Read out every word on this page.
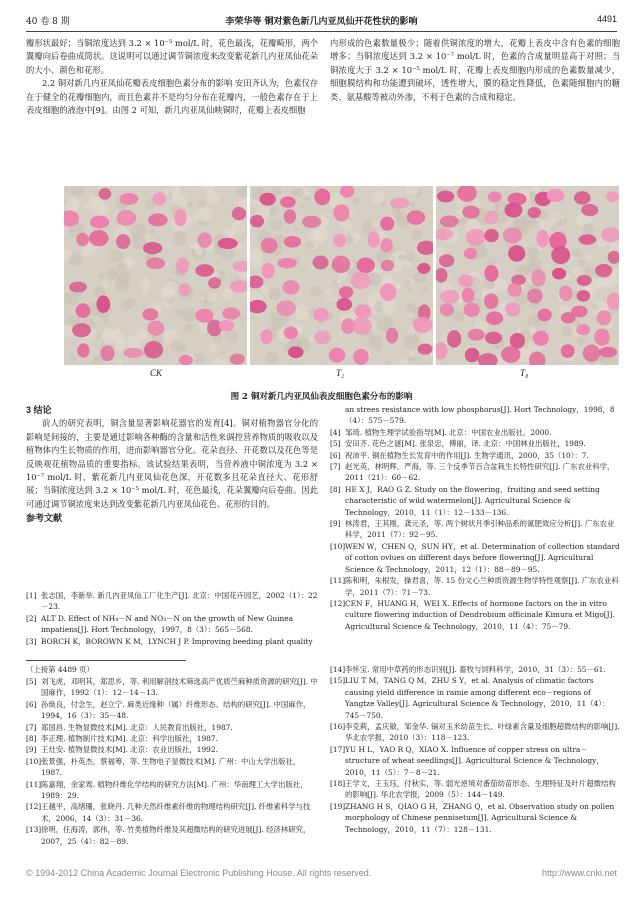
40 卷 8 期	李荣华等 铜对紫色新几内亚凤仙开花性状的影响	4491

瓣形状最好；当铜浓度达到 3.2 × 10⁻⁵ mol/L 时，花色最浅，花瓣畸形，两个翼瓣向后卷曲成筒状。这说明可以通过调节铜浓度来改变紫花新几内亚凤仙花朵的大小、颜色和花形。

2.2 铜对新几内亚凤仙花瓣表皮细胞色素分布的影响 安田齐认为，色素仅存在于健全的花瓣细胞内，而且色素并不是均匀分布在花瓣内，一般色素存在于上表皮细胞的液泡中[9]。由图 2 可知，新几内亚凤仙映铜时，花瓣上表皮细胞

内形成的色素数量极少；随着供铜浓度的增大，花瓣上表皮中含有色素的细胞增多；当铜浓度达到 3.2 × 10⁻⁷ mol/L 时，色素的合成量明显高于对照；当铜浓度大于 3.2 × 10⁻⁵ mol/L 时，花瓣上表皮细胞内形成的色素数量减少，细胞膜结构和功能遭到破坏，透性增大，膜的稳定性降低，色素随细胞内的糖类、氨基酸等被动外渗，不利于色素的合成和稳定。

CK	T₂	T₄
图 2 铜对新几内亚凤仙表皮细胞色素分布的影响

3 结论

前人的研究表明，铜含量显著影响花器官的发育[4]。铜对植物器官分化的影响是间接的，主要是通过影响各种酶的含量和活性来调控营养物质的吸收以及植物体内生长物质的作用，进而影响器官分化。花朵直径、开花数以及花色等是反映观花植物品质的重要指标。该试验结果表明，当营养液中铜浓度为 3.2 × 10⁻⁷ mol/L 时，紫花新几内亚凤仙花色深，开花数多且花朵直径大、花形舒展；当铜浓度达到 3.2 × 10⁻⁵ mol/L 时，花色最浅，花朵翼瓣向后卷曲。因此可通过调节铜浓度来达到改变紫花新几内亚凤仙花色、花形的目的。

参考文献

[1] 张志国，李新举. 新几内亚凤仙工厂化生产[J]. 北京：中国花卉园艺，2002（1）：22－23.
[2] ALT D. Effect of NH₄－N and NO₃－N on the growth of New Guinea impatiens[J]. Hort Technology，1997，8（3）：565－568.
[3] BORCH K，BOROWN K M，LYNCH J P. Improving beeding plant quality
an strees resistance with low phosphorus[J]. Hort Technology，1998，8（4）：575－579.
[4] 邹琦. 植物生理学试验指导[M]. 北京：中国农业出版社，2000.
[5] 安田齐. 花色之谜[M]. 张泉忠，傅丽，译. 北京：中国林业出版社，1989.
[6] 祝沛平. 铜在植物生长发育中的作用[J]. 生物学通讯，2000，35（10）：7.
[7] 赵光英，林明辉，严海，等. 三个反季节百合盆栽生长特性研究[J]. 广东农业科学，2011（21）：60－62.
[8] HE X J，RAO G Z. Study on the flowering，fruiting and seed setting characteristic of wild watermelon[J]. Agricultural Science & Technology，2010，11（1）：12－133－136.
[9] 林涛君，王其刚，龚元圣，等. 两个树状月季引种品系的氮肥效应分析[J]. 广东农业科学，2011（7）：92－95.
[10] WEN W，CHEN Q，SUN HY，et al. Determination of collection standard of cotton ovlues on different days before flowering[J]. Agricultural Science & Technology，2011，12（1）：88－89－95.
[11] 陈和明，朱根发，操君喜，等. 15 份文心兰种质资源生物学特性观察[J]. 广东农业科学，2011（7）：71－73.
[12] CEN F，HUANG H，WEI X. Effects of hormone factors on the in vitro culture flowering induction of Dendrobium officinale Kimura et Migo[J]. Agricultural Science & Technology，2010，11（4）：75－79.
（上接第 4489 页）
[5] 刘飞虎，邓明其，郑思乡，等. 利用解剖技术筛选高产优质苎麻种质资源的研究[J]. 中国麻作，1992（1）：12－14－13.
[6] 孙焕良，付念生，赵立宁. 麻类近缘种（属）纤维形态、结构的研究[J]. 中国麻作，1994，16（3）：35－48.
[7] 郑国昌. 生物显微技术[M]. 北京：人民教育出版社，1987.
[8] 李正理. 植物制片技术[M]. 北京：科学出版社，1987.
[9] 王灶安. 植物显微技术[M]. 北京：农业出版社，1992.
[10] 张景强，朴英杰，蔡福筹，等. 生物电子显微技术[M]. 广州：中山大学出版社，1987.
[11] 陈嘉翔，余家鸾. 植物纤维化学结构的研究方法[M]. 广州：华南理工大学出版社，1989：29.
[12] 王越平，高绪珊，张晓丹. 几种天然纤维素纤维的物理结构研究[J]. 纤维素科学与技术，2006，14（3）：31－36.
[13] 徐明，任海涛，郭伟，等. 竹类植物纤维及其超微结构的研究进展[J]. 经济林研究，2007，25（4）：82－89.
[14] 李怀宝. 常用中草药的形态识别[J]. 畜牧与饲料科学，2010，31（3）：55－61.
[15] LIU T M，TANG Q M，ZHU S Y，et al. Analysis of climatic factors causing yield difference in ramie among different eco－regions of Yangtze Valley[J]. Agricultural Science & Technology，2010，11（4）：745－750.
[16] 李克莉，孟庆敏，邹金华. 镉对玉米幼苗生长、叶绿素含量及细胞超微结构的影响[J]. 华北农学报，2010（3）：118－123.
[17] YU H L，YAO R Q，XIAO X. Influence of copper stress on ultra－structure of wheat seedlings[J]. Agricultural Science & Technology，2010，11（5）：7－8－21.
[18] 王学文，王玉珏，付秋实，等. 弱光逆境对番茄幼苗形态、生理特征及叶片超微结构的影响[J]. 华北农学报，2009（5）：144－149.
[19] ZHANG H S，QIAO G H，ZHANG Q，et al. Observation study on pollen morphology of Chinese pennisetum[J]. Agricultural Science & Technology，2010，11（7）：128－131.
© 1994-2012 China Academic Journal Electronic Publishing House. All rights reserved.	http://www.cnki.net
